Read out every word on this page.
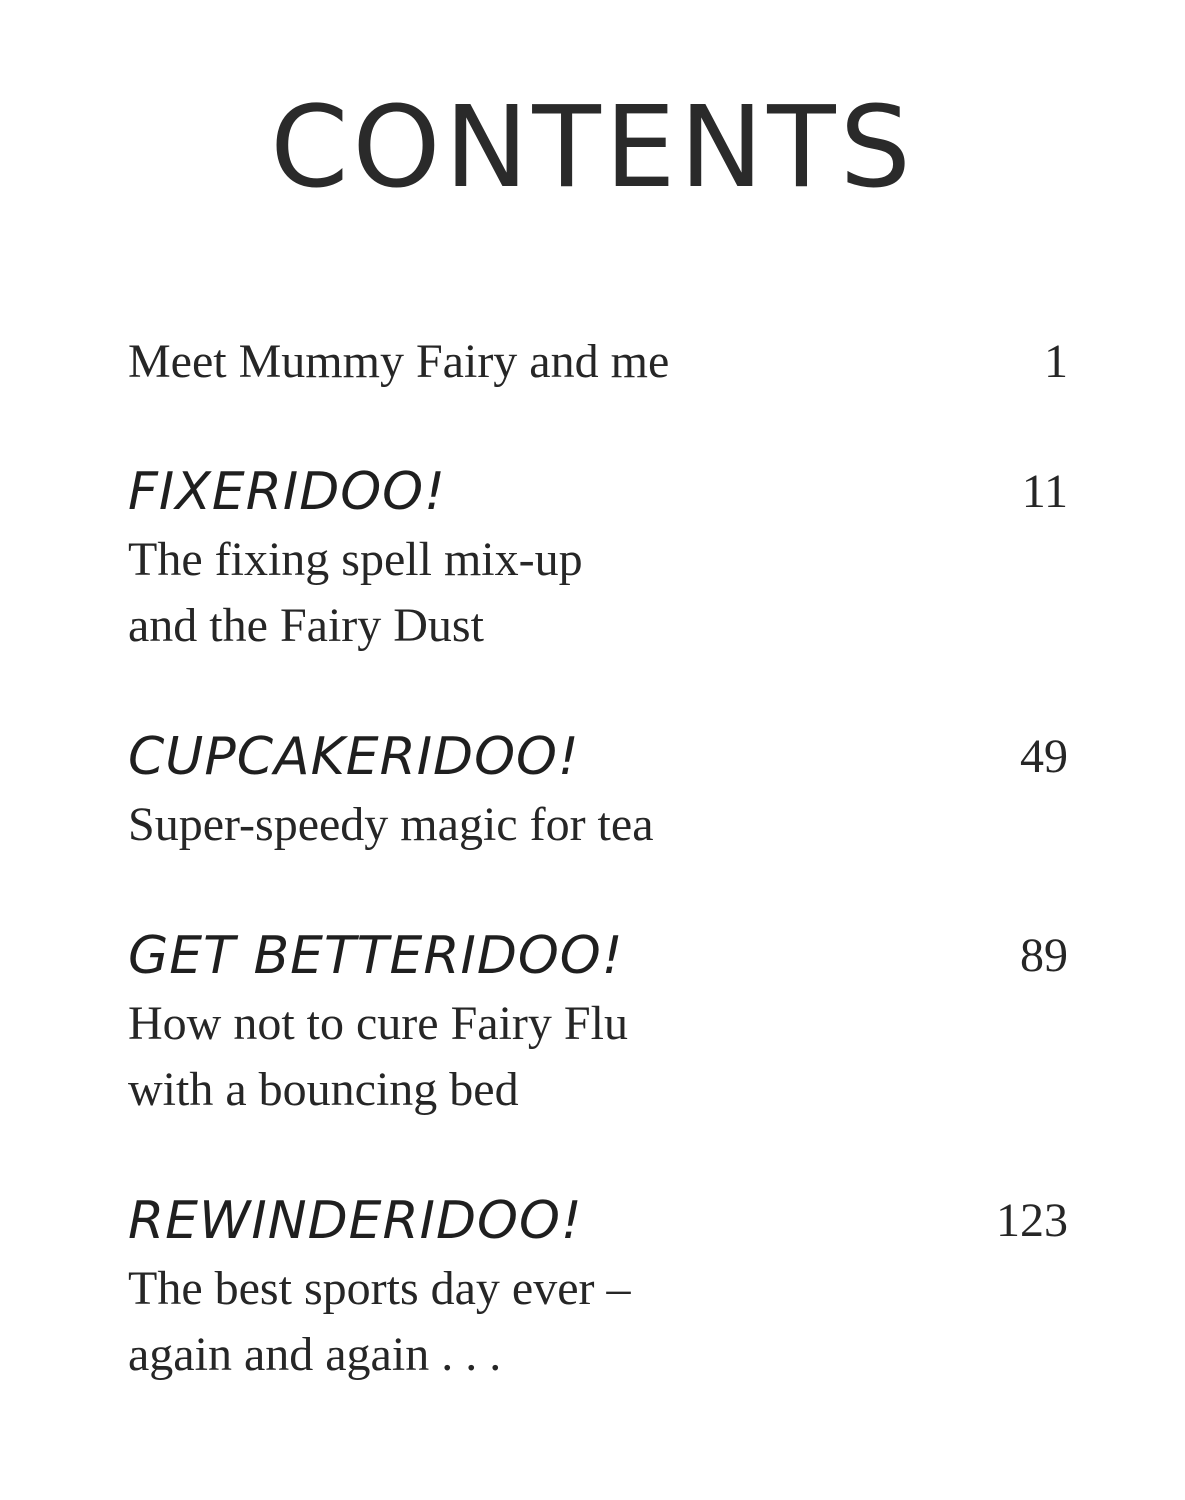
CONTENTS
Meet Mummy Fairy and me	1
FIXERIDOO!	11
The fixing spell mix-up
and the Fairy Dust
CUPCAKERIDOO!	49
Super-speedy magic for tea
GET BETTERIDOO!	89
How not to cure Fairy Flu
with a bouncing bed
REWINDERIDOO!	123
The best sports day ever –
again and again . . .
